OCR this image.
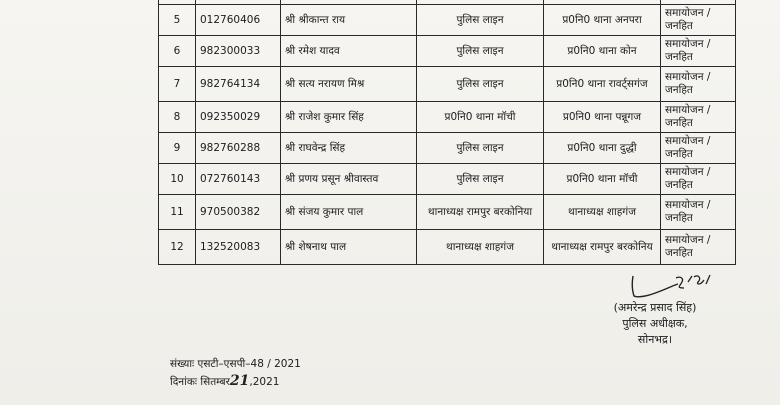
5	012760406	श्री श्रीकान्त राय	पुलिस लाइन	प्र0नि0 थाना अनपरा	समायोजन /
जनहित

6	982300033	श्री रमेश यादव	पुलिस लाइन	प्र0नि0 थाना कोन	समायोजन /
जनहित

7	982764134	श्री सत्य नरायण मिश्र	पुलिस लाइन	प्र0नि0 थाना रावर्ट्सगंज	समायोजन /
जनहित

8	092350029	श्री राजेश कुमार सिंह	प्र0नि0 थाना मॉची	प्र0नि0 थाना पन्नूगज	समायोजन /
जनहित

9	982760288	श्री राघवेन्द्र सिंह	पुलिस लाइन	प्र0नि0 थाना दुद्धी	समायोजन /
जनहित

10	072760143	श्री प्रणय प्रसून श्रीवास्तव	पुलिस लाइन	प्र0नि0 थाना मॉची	समायोजन /
जनहित

11	970500382	श्री संजय कुमार पाल	थानाध्यक्ष रामपुर बरकोनिया	थानाध्यक्ष शाहगंज	समायोजन /
जनहित

12	132520083	श्री शेषनाथ पाल	थानाध्यक्ष शाहगंज	थानाध्यक्ष रामपुर बरकोनिय	समायोजन /
जनहित
(अमरेन्द्र प्रसाद सिंह)
पुलिस अधीक्षक,
सोनभद्र।
संख्याः एसटी–एसपी–48 / 2021
दिनांकः सितम्बर21,2021
